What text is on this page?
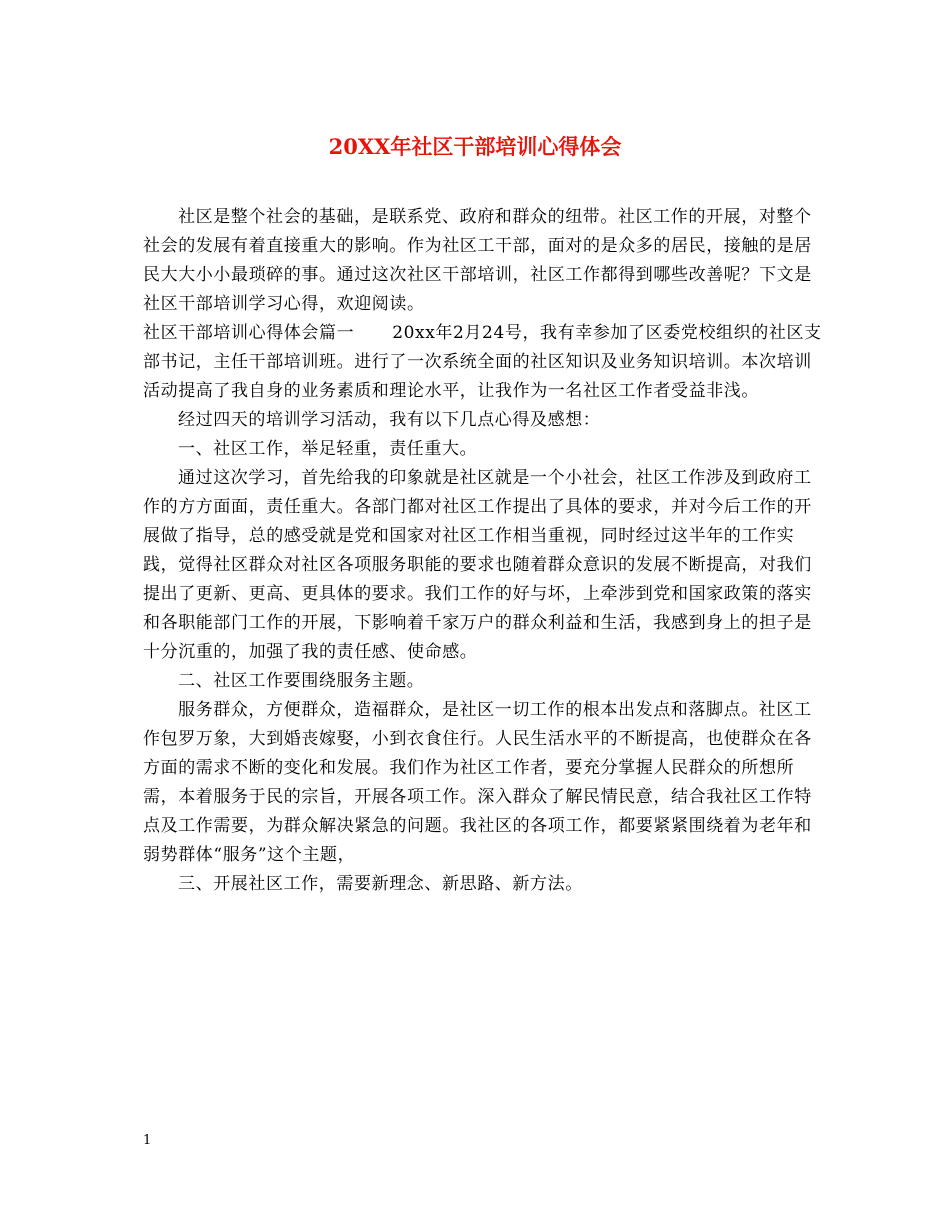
20XX年社区干部培训心得体会

社区是整个社会的基础，是联系党、政府和群众的纽带。社区工作的开展，对整个社会的发展有着直接重大的影响。作为社区工干部，面对的是众多的居民，接触的是居民大大小小最琐碎的事。通过这次社区干部培训，社区工作都得到哪些改善呢？下文是社区干部培训学习心得，欢迎阅读。

社区干部培训心得体会篇一 20xx年2月24号，我有幸参加了区委党校组织的社区支部书记，主任干部培训班。进行了一次系统全面的社区知识及业务知识培训。本次培训活动提高了我自身的业务素质和理论水平，让我作为一名社区工作者受益非浅。

经过四天的培训学习活动，我有以下几点心得及感想：

一、社区工作，举足轻重，责任重大。

通过这次学习，首先给我的印象就是社区就是一个小社会，社区工作涉及到政府工作的方方面面，责任重大。各部门都对社区工作提出了具体的要求，并对今后工作的开展做了指导，总的感受就是党和国家对社区工作相当重视，同时经过这半年的工作实践，觉得社区群众对社区各项服务职能的要求也随着群众意识的发展不断提高，对我们提出了更新、更高、更具体的要求。我们工作的好与坏，上牵涉到党和国家政策的落实和各职能部门工作的开展，下影响着千家万户的群众利益和生活，我感到身上的担子是十分沉重的，加强了我的责任感、使命感。

二、社区工作要围绕服务主题。

服务群众，方便群众，造福群众，是社区一切工作的根本出发点和落脚点。社区工作包罗万象，大到婚丧嫁娶，小到衣食住行。人民生活水平的不断提高，也使群众在各方面的需求不断的变化和发展。我们作为社区工作者，要充分掌握人民群众的所想所需，本着服务于民的宗旨，开展各项工作。深入群众了解民情民意，结合我社区工作特点及工作需要，为群众解决紧急的问题。我社区的各项工作，都要紧紧围绕着为老年和弱势群体“服务”这个主题，

三、开展社区工作，需要新理念、新思路、新方法。

1
